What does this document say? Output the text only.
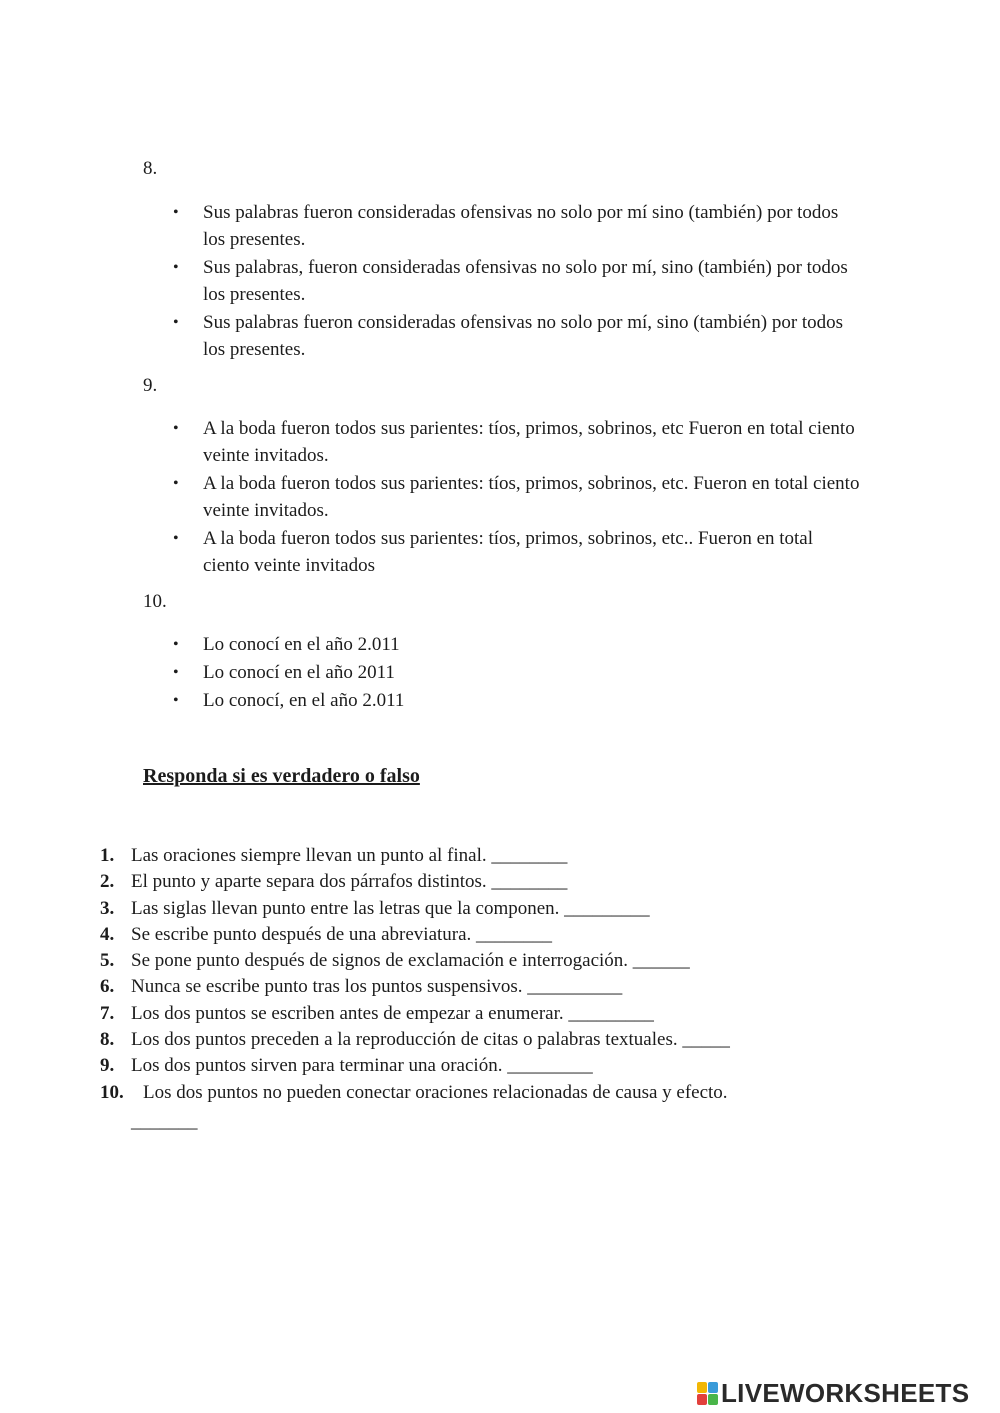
8.
• Sus palabras fueron consideradas ofensivas no solo por mí sino (también) por todos los presentes.
• Sus palabras, fueron consideradas ofensivas no solo por mí, sino (también) por todos los presentes.
• Sus palabras fueron consideradas ofensivas no solo por mí, sino (también) por todos los presentes.
9.
• A la boda fueron todos sus parientes: tíos, primos, sobrinos, etc Fueron en total ciento veinte invitados.
• A la boda fueron todos sus parientes: tíos, primos, sobrinos, etc. Fueron en total ciento veinte invitados.
• A la boda fueron todos sus parientes: tíos, primos, sobrinos, etc.. Fueron en total ciento veinte invitados
10.
• Lo conocí en el año 2.011
• Lo conocí en el año 2011
• Lo conocí, en el año 2.011
Responda si es verdadero o falso
1. Las oraciones siempre llevan un punto al final. ________
2. El punto y aparte separa dos párrafos distintos. ________
3. Las siglas llevan punto entre las letras que la componen. _________
4. Se escribe punto después de una abreviatura. ________
5. Se pone punto después de signos de exclamación e interrogación. ______
6. Nunca se escribe punto tras los puntos suspensivos. __________
7. Los dos puntos se escriben antes de empezar a enumerar. _________
8. Los dos puntos preceden a la reproducción de citas o palabras textuales. _____
9. Los dos puntos sirven para terminar una oración. _________
10.	Los dos puntos no pueden conectar oraciones relacionadas de causa y efecto.
_______
LIVEWORKSHEETS
